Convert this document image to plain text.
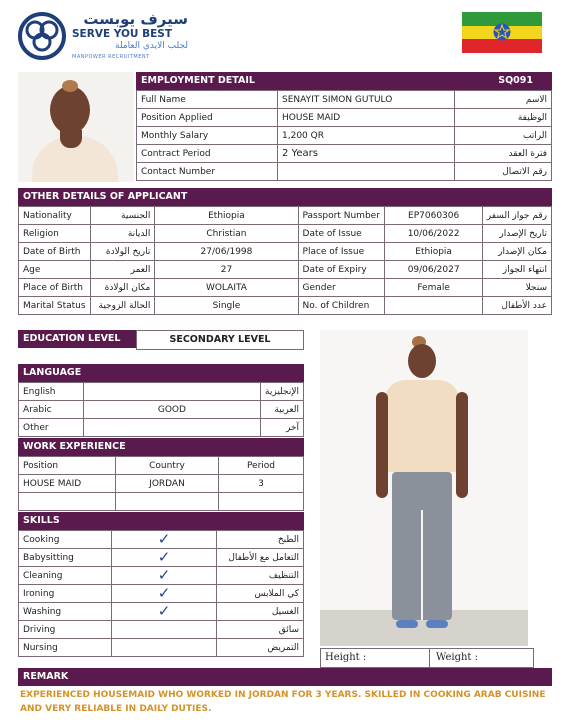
سيرف يوبست
SERVE YOU BEST
لجلب الايدي العاملة
MANPOWER RECRUITMENT
EMPLOYMENT DETAIL	SQ091
Full Name	SENAYIT SIMON GUTULO	الاسم
Position Applied	HOUSE MAID	الوظيفة
Monthly Salary	1,200 QR	الراتب
Contract Period	2 Years	فترة العقد
Contact Number		رقم الاتصال
OTHER DETAILS OF APPLICANT
Nationality	الجنسية	Ethiopia	Passport Number	EP7060306	رقم جواز السفر
Religion	الديانة	Christian	Date of Issue	10/06/2022	تاريخ الإصدار
Date of Birth	تاريخ الولادة	27/06/1998	Place of Issue	Ethiopia	مكان الإصدار
Age	العمر	27	Date of Expiry	09/06/2027	انتهاء الجواز
Place of Birth	مكان الولادة	WOLAITA	Gender	Female	سنجلا
Marital Status	الحالة الزوجية	Single	No. of Children		عدد الأطفال
EDUCATION LEVEL	SECONDARY LEVEL
LANGUAGE
English		الإنجليزية
Arabic	GOOD	العربية
Other		آخر
WORK EXPERIENCE
Position	Country	Period
HOUSE MAID	JORDAN	3

SKILLS
Cooking	✓	الطبخ
Babysitting	✓	التعامل مع الأطفال
Cleaning	✓	التنظيف
Ironing	✓	كي الملابس
Washing	✓	الغسيل
Driving		سائق
Nursing		التمريض
Height :	Weight :
REMARK
EXPERIENCED HOUSEMAID WHO WORKED IN JORDAN FOR 3 YEARS. SKILLED IN COOKING ARAB CUISINE AND VERY RELIABLE IN DAILY DUTIES.
